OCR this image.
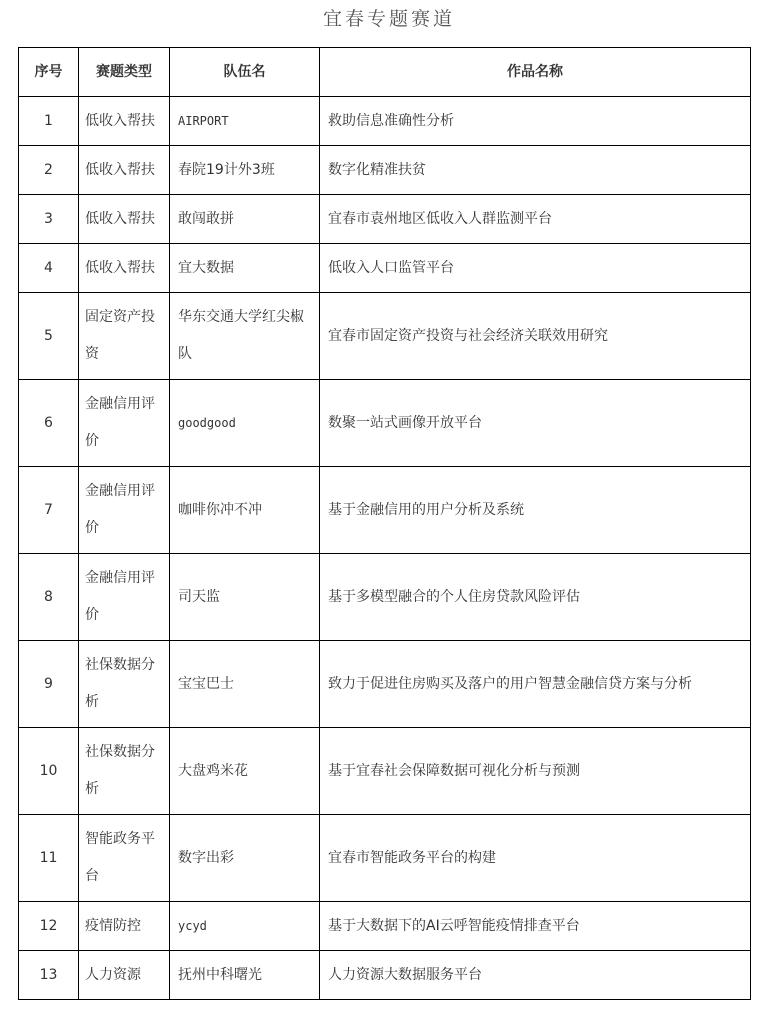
宜春专题赛道
序号	赛题类型	队伍名	作品名称
1	低收入帮扶	AIRPORT	救助信息准确性分析
2	低收入帮扶	春院19计外3班	数字化精准扶贫
3	低收入帮扶	敢闯敢拼	宜春市袁州地区低收入人群监测平台
4	低收入帮扶	宜大数据	低收入人口监管平台
5	固定资产投资	华东交通大学红尖椒队	宜春市固定资产投资与社会经济关联效用研究
6	金融信用评价	goodgood	数聚一站式画像开放平台
7	金融信用评价	咖啡你冲不冲	基于金融信用的用户分析及系统
8	金融信用评价	司天监	基于多模型融合的个人住房贷款风险评估
9	社保数据分析	宝宝巴士	致力于促进住房购买及落户的用户智慧金融信贷方案与分析
10	社保数据分析	大盘鸡米花	基于宜春社会保障数据可视化分析与预测
11	智能政务平台	数字出彩	宜春市智能政务平台的构建
12	疫情防控	ycyd	基于大数据下的AI云呼智能疫情排查平台
13	人力资源	抚州中科曙光	人力资源大数据服务平台
